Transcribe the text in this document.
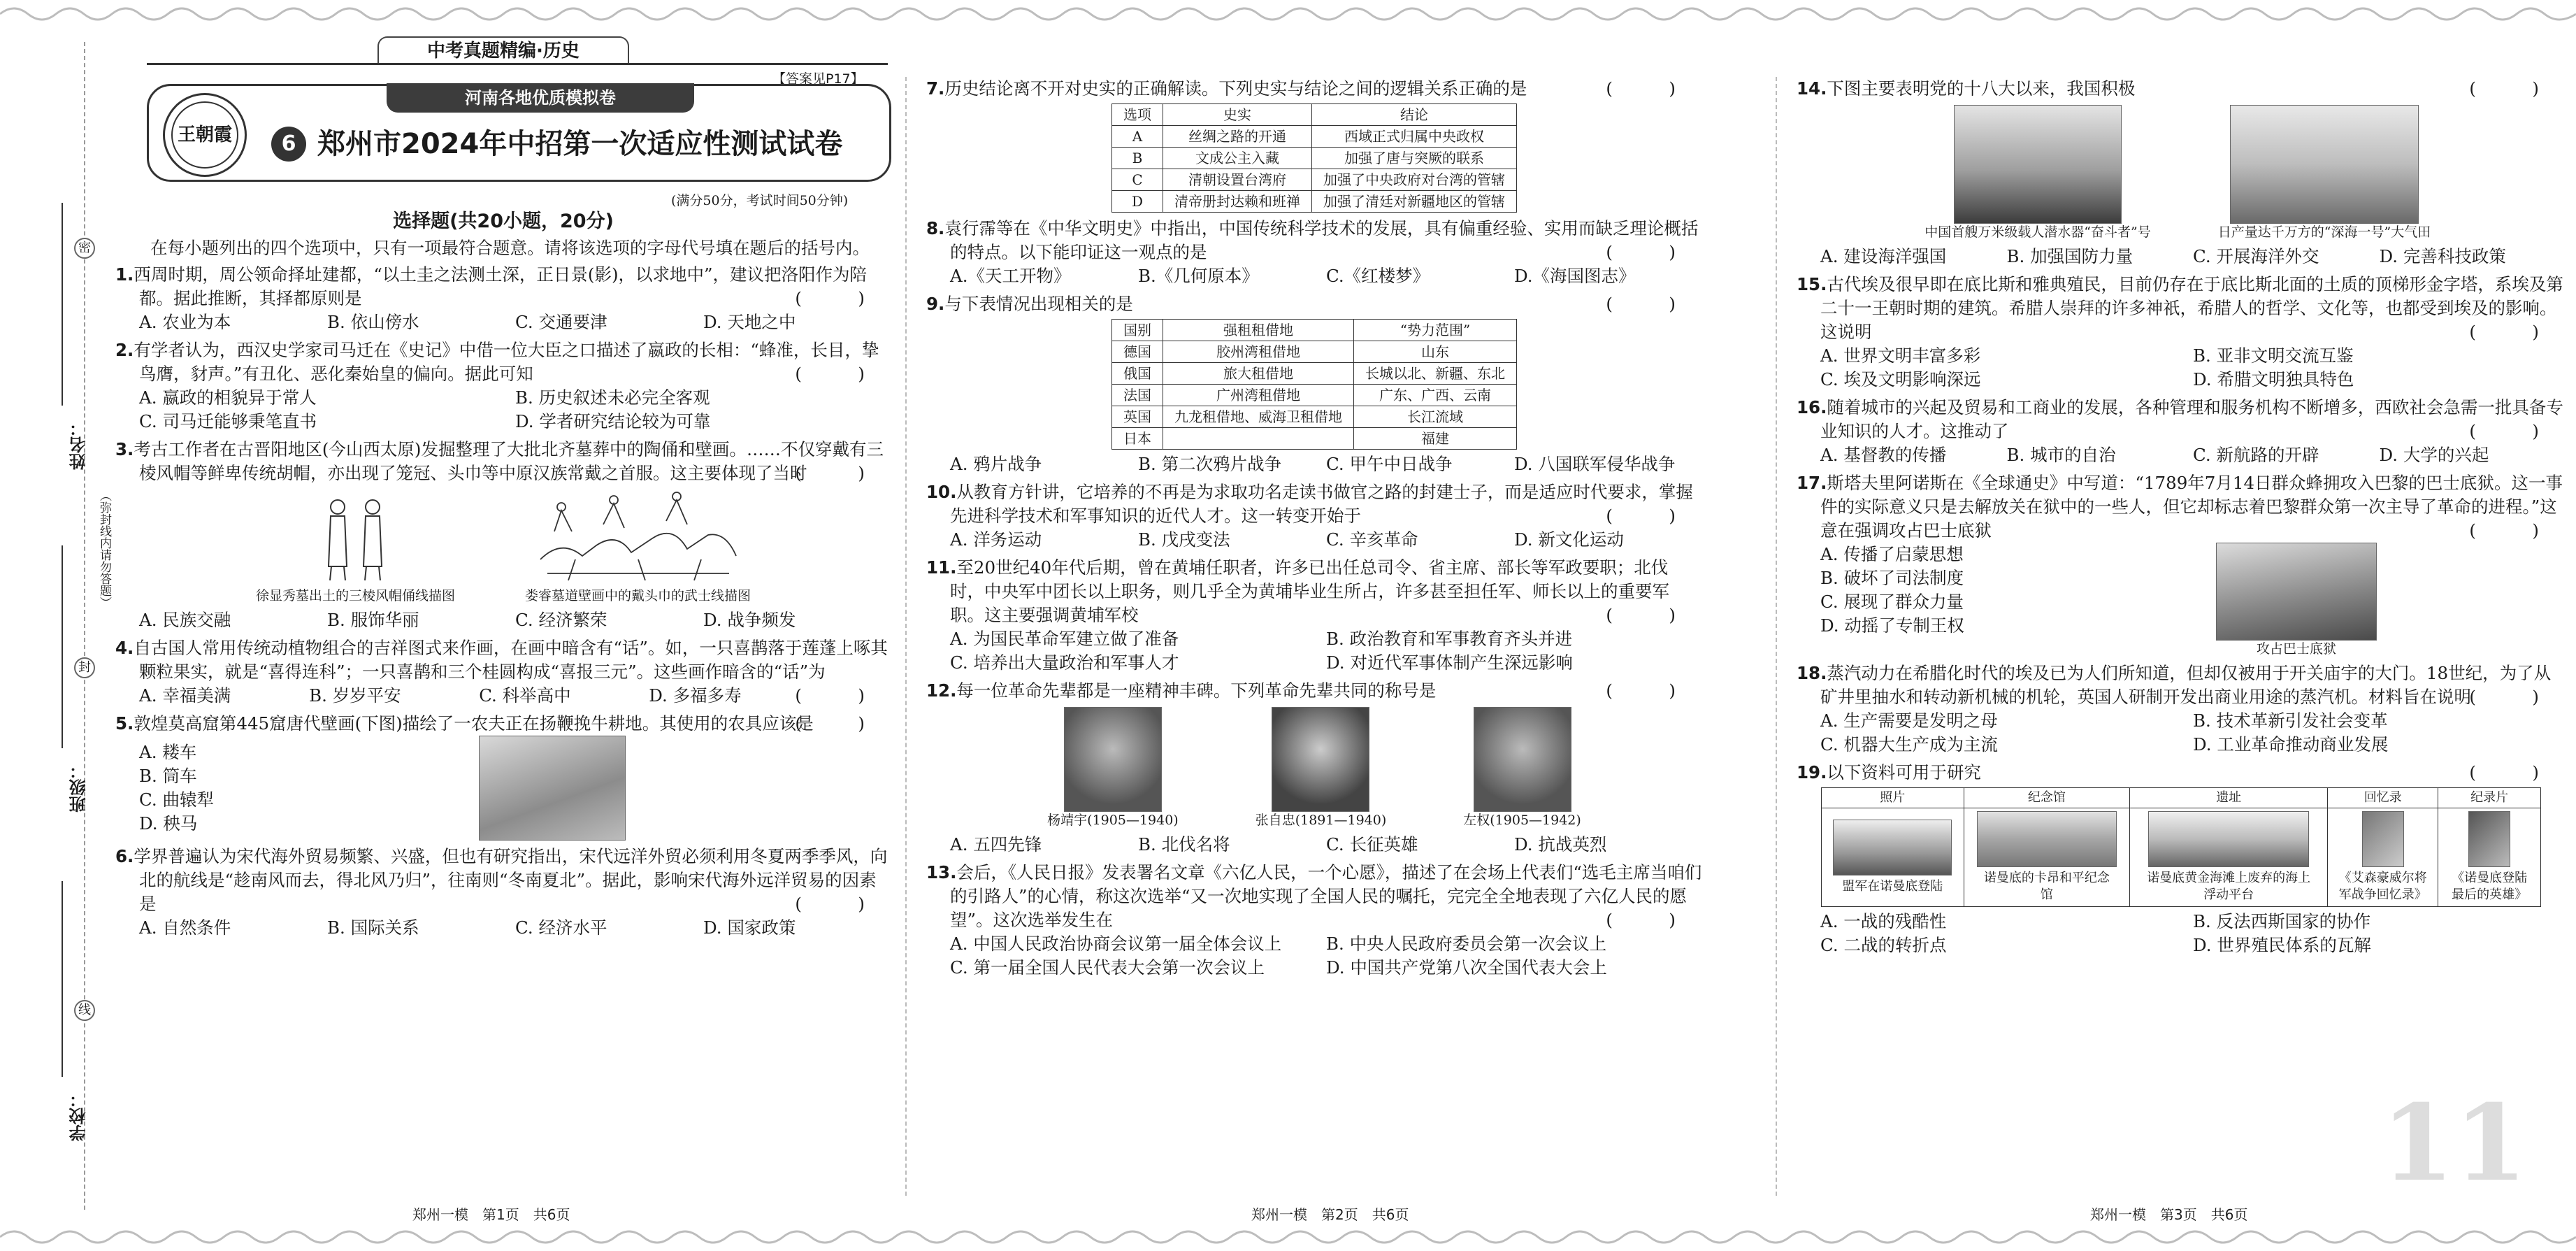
中考真题精编·历史
【答案见P17】
王朝霞
河南各地优质模拟卷
6 郑州市2024年中招第一次适应性测试试卷
(满分50分，考试时间50分钟)
密
封
线
（弥封线内请勿答题）
姓名：
班级：
学校：
选择题(共20小题，20分)
在每小题列出的四个选项中，只有一项最符合题意。请将该选项的字母代号填在题后的括号内。
1.西周时期，周公领命择址建都，“以土圭之法测土深，正日景(影)，以求地中”，建议把洛阳作为陪都。据此推断，其择都原则是	(　)
A. 农业为本	B. 依山傍水	C. 交通要津	D. 天地之中
2.有学者认为，西汉史学家司马迁在《史记》中借一位大臣之口描述了嬴政的长相：“蜂准，长目，挚鸟膺，豺声。”有丑化、恶化秦始皇的偏向。据此可知	(　)
A. 嬴政的相貌异于常人	B. 历史叙述未必完全客观
C. 司马迁能够秉笔直书	D. 学者研究结论较为可靠
3.考古工作者在古晋阳地区(今山西太原)发掘整理了大批北齐墓葬中的陶俑和壁画。……不仅穿戴有三棱风帽等鲜卑传统胡帽，亦出现了笼冠、头巾等中原汉族常戴之首服。这主要体现了当时
(　)
徐显秀墓出土的三棱风帽俑线描图	娄睿墓道壁画中的戴头巾的武士线描图
A. 民族交融	B. 服饰华丽	C. 经济繁荣	D. 战争频发
4.自古国人常用传统动植物组合的吉祥图式来作画，在画中暗含有“话”。如，一只喜鹊落于莲蓬上啄其颗粒果实，就是“喜得连科”；一只喜鹊和三个桂圆构成“喜报三元”。这些画作暗含的“话”为
(　)
A. 幸福美满	B. 岁岁平安	C. 科举高中	D. 多福多寿
5.敦煌莫高窟第445窟唐代壁画(下图)描绘了一农夫正在扬鞭挽牛耕地。其使用的农具应该是
(　)
A. 耧车
B. 筒车
C. 曲辕犁
D. 秧马
6.学界普遍认为宋代海外贸易频繁、兴盛，但也有研究指出，宋代远洋外贸必须利用冬夏两季季风，向北的航线是“趁南风而去，得北风乃归”，往南则“冬南夏北”。据此，影响宋代海外远洋贸易的因素是	(　)
A. 自然条件	B. 国际关系	C. 经济水平	D. 国家政策
7.历史结论离不开对史实的正确解读。下列史实与结论之间的逻辑关系正确的是	(　)
选项	史实	结论
A	丝绸之路的开通	西域正式归属中央政权
B	文成公主入藏	加强了唐与突厥的联系
C	清朝设置台湾府	加强了中央政府对台湾的管辖
D	清帝册封达赖和班禅	加强了清廷对新疆地区的管辖
8.袁行霈等在《中华文明史》中指出，中国传统科学技术的发展，具有偏重经验、实用而缺乏理论概括的特点。以下能印证这一观点的是	(　)
A.《天工开物》	B.《几何原本》	C.《红楼梦》	D.《海国图志》
9.与下表情况出现相关的是	(　)
国别	强租租借地	“势力范围”
德国	胶州湾租借地	山东
俄国	旅大租借地	长城以北、新疆、东北
法国	广州湾租借地	广东、广西、云南
英国	九龙租借地、威海卫租借地	长江流域
日本		福建
A. 鸦片战争	B. 第二次鸦片战争	C. 甲午中日战争	D. 八国联军侵华战争
10.从教育方针讲，它培养的不再是为求取功名走读书做官之路的封建士子，而是适应时代要求，掌握先进科学技术和军事知识的近代人才。这一转变开始于	(　)
A. 洋务运动	B. 戊戌变法	C. 辛亥革命	D. 新文化运动
11.至20世纪40年代后期，曾在黄埔任职者，许多已出任总司令、省主席、部长等军政要职；北伐时，中央军中团长以上职务，则几乎全为黄埔毕业生所占，许多甚至担任军、师长以上的重要军职。这主要强调黄埔军校	(　)
A. 为国民革命军建立做了准备	B. 政治教育和军事教育齐头并进
C. 培养出大量政治和军事人才	D. 对近代军事体制产生深远影响
12.每一位革命先辈都是一座精神丰碑。下列革命先辈共同的称号是	(　)
杨靖宇(1905—1940)	张自忠(1891—1940)	左权(1905—1942)
A. 五四先锋	B. 北伐名将	C. 长征英雄	D. 抗战英烈
13.会后，《人民日报》发表署名文章《六亿人民，一个心愿》，描述了在会场上代表们“选毛主席当咱们的引路人”的心情，称这次选举“又一次地实现了全国人民的嘱托，完完全全地表现了六亿人民的愿望”。这次选举发生在	(　)
A. 中国人民政治协商会议第一届全体会议上	B. 中央人民政府委员会第一次会议上
C. 第一届全国人民代表大会第一次会议上	D. 中国共产党第八次全国代表大会上
14.下图主要表明党的十八大以来，我国积极	(　)
中国首艘万米级载人潜水器“奋斗者”号	日产量达千万方的“深海一号”大气田
A. 建设海洋强国	B. 加强国防力量	C. 开展海洋外交	D. 完善科技政策
15.古代埃及很早即在底比斯和雅典殖民，目前仍存在于底比斯北面的土质的顶梯形金字塔，系埃及第二十一王朝时期的建筑。希腊人崇拜的许多神祇，希腊人的哲学、文化等，也都受到埃及的影响。这说明	(　)
A. 世界文明丰富多彩	B. 亚非文明交流互鉴
C. 埃及文明影响深远	D. 希腊文明独具特色
16.随着城市的兴起及贸易和工商业的发展，各种管理和服务机构不断增多，西欧社会急需一批具备专业知识的人才。这推动了	(　)
A. 基督教的传播	B. 城市的自治	C. 新航路的开辟	D. 大学的兴起
17.斯塔夫里阿诺斯在《全球通史》中写道：“1789年7月14日群众蜂拥攻入巴黎的巴士底狱。这一事件的实际意义只是去解放关在狱中的一些人，但它却标志着巴黎群众第一次主导了革命的进程。”这意在强调攻占巴士底狱	(　)
A. 传播了启蒙思想
B. 破坏了司法制度
C. 展现了群众力量
D. 动摇了专制王权
攻占巴士底狱
18.蒸汽动力在希腊化时代的埃及已为人们所知道，但却仅被用于开关庙宇的大门。18世纪，为了从矿井里抽水和转动新机械的机轮，英国人研制开发出商业用途的蒸汽机。材料旨在说明
(　)
A. 生产需要是发明之母	B. 技术革新引发社会变革
C. 机器大生产成为主流	D. 工业革命推动商业发展
19.以下资料可用于研究	(　)
照片	纪念馆	遗址	回忆录	纪录片

盟军在诺曼底登陆	诺曼底的卡昂和平纪念馆	诺曼底黄金海滩上废弃的海上浮动平台	《艾森豪威尔将军战争回忆录》	《诺曼底登陆最后的英雄》
A. 一战的残酷性	B. 反法西斯国家的协作
C. 二战的转折点	D. 世界殖民体系的瓦解
11
郑州一模　第1页　共6页	郑州一模　第2页　共6页	郑州一模　第3页　共6页
